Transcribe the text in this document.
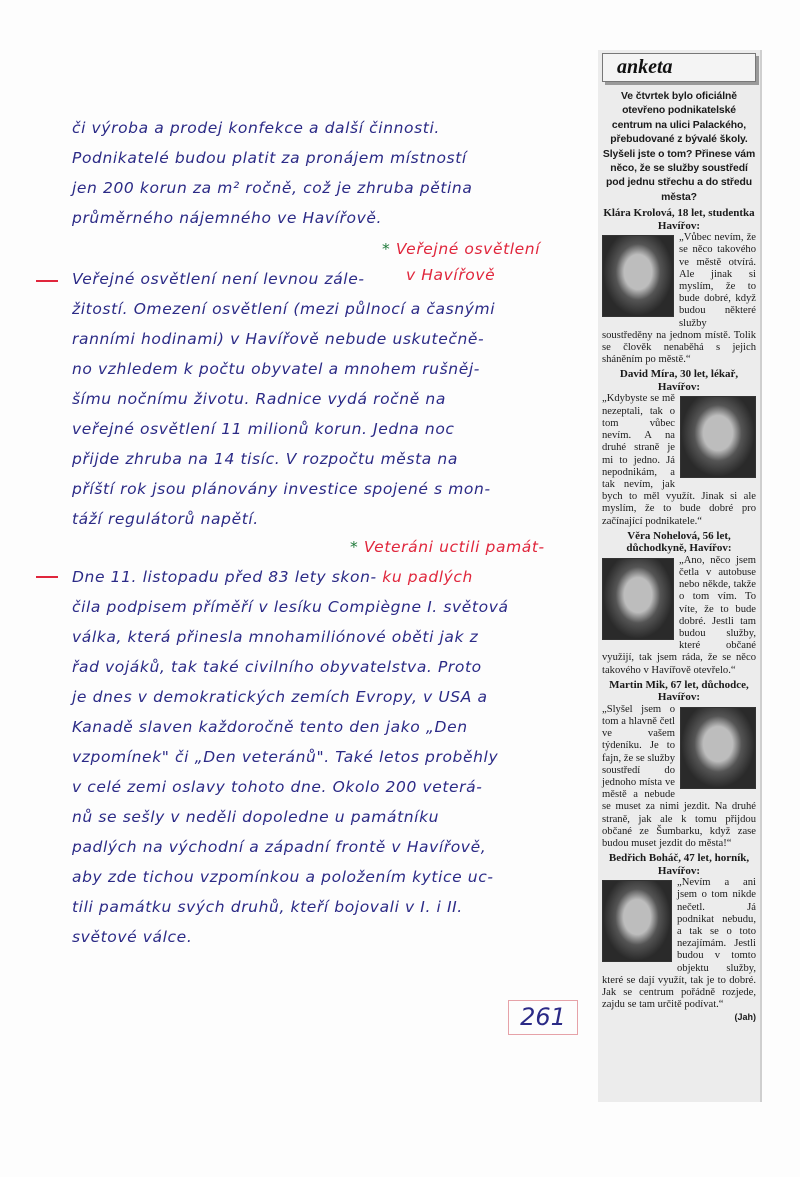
či výroba a prodej konfekce a další činnosti.
Podnikatelé budou platit za pronájem místností
jen 200 korun za m² ročně, což je zhruba pětina
průměrného nájemného ve Havířově.
* Veřejné osvětlení
v Havířově
Veřejné osvětlení není levnou zále-
žitostí. Omezení osvětlení (mezi půlnocí a časnými
ranními hodinami) v Havířově nebude uskutečně-
no vzhledem k počtu obyvatel a mnohem rušněj-
šímu nočnímu životu. Radnice vydá ročně na
veřejné osvětlení 11 milionů korun. Jedna noc
přijde zhruba na 14 tisíc. V rozpočtu města na
příští rok jsou plánovány investice spojené s mon-
táží regulátorů napětí.
* Veteráni uctili památ-
Dne 11. listopadu před 83 lety skon- ku padlých
čila podpisem příměří v lesíku Compiègne I. světová
válka, která přinesla mnohamiliónové oběti jak z
řad vojáků, tak také civilního obyvatelstva. Proto
je dnes v demokratických zemích Evropy, v USA a
Kanadě slaven každoročně tento den jako „Den
vzpomínek" či „Den veteránů". Také letos proběhly
v celé zemi oslavy tohoto dne. Okolo 200 veterá-
nů se sešly v neděli dopoledne u památníku
padlých na východní a západní frontě v Havířově,
aby zde tichou vzpomínkou a položením kytice uc-
tili památku svých druhů, kteří bojovali v I. i II.
světové válce.
261
anketa
Ve čtvrtek bylo oficiálně otevřeno podnikatelské centrum na ulici Palackého, přebudované z bývalé školy. Slyšeli jste o tom? Přinese vám něco, že se služby soustředí pod jednu střechu a do středu města?
Klára Krolová, 18 let, studentka Havířov:
„Vůbec nevím, že se něco takového ve městě otvírá. Ale jinak si myslím, že to bude dobré, když budou některé služby soustředěny na jednom místě. Tolik se člověk nenaběhá s jejich sháněním po městě.“
David Míra, 30 let, lékař, Havířov:
„Kdybyste se mě nezeptali, tak o tom vůbec nevím. A na druhé straně je mi to jedno. Já nepodnikám, a tak nevím, jak bych to měl využít. Jinak si ale myslím, že to bude dobré pro začínající podnikatele.“
Věra Nohelová, 56 let, důchodkyně, Havířov:
„Ano, něco jsem četla v autobuse nebo někde, takže o tom vím. To víte, že to bude dobré. Jestli tam budou služby, které občané využijí, tak jsem ráda, že se něco takového v Havířově otevřelo.“
Martin Mik, 67 let, důchodce, Havířov:
„Slyšel jsem o tom a hlavně četl ve vašem týdeníku. Je to fajn, že se služby soustředí do jednoho místa ve městě a nebude se muset za nimi jezdit. Na druhé straně, jak ale k tomu přijdou občané ze Šumbarku, když zase budou muset jezdit do města!“
Bedřich Boháč, 47 let, horník, Havířov:
„Nevím a ani jsem o tom nikde nečetl. Já podnikat nebudu, a tak se o toto nezajímám. Jestli budou v tomto objektu služby, které se dají využít, tak je to dobré. Jak se centrum pořádně rozjede, zajdu se tam určitě podívat.“
(Jah)
